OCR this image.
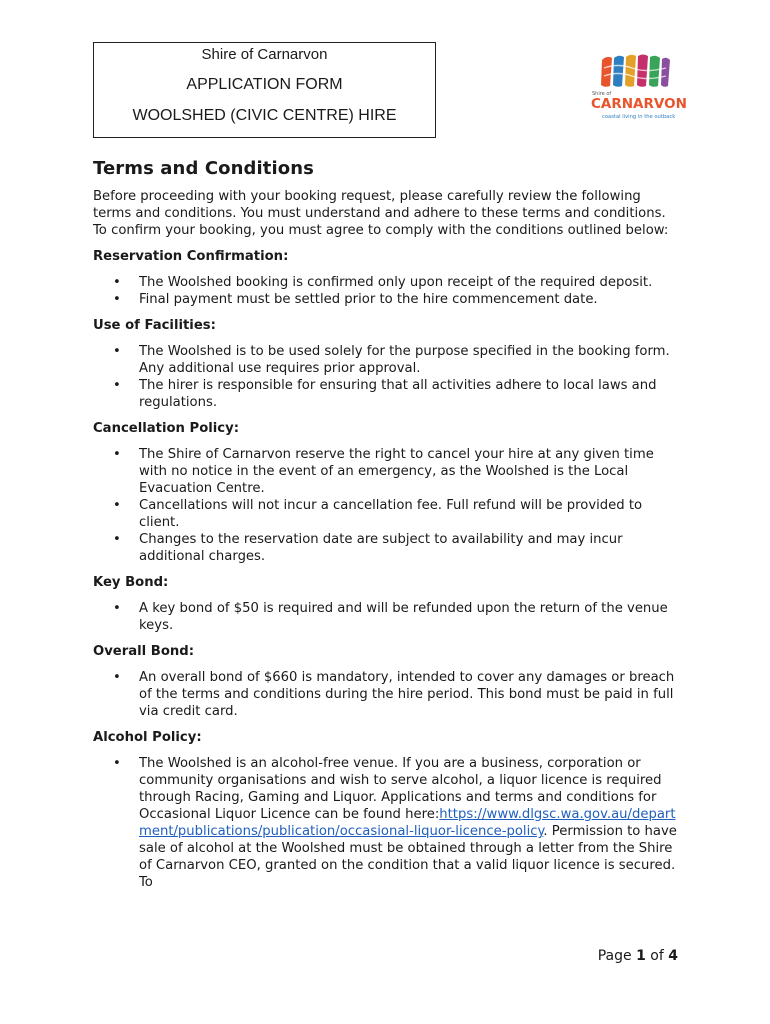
Shire of Carnarvon
APPLICATION FORM
WOOLSHED (CIVIC CENTRE) HIRE
Shire of
CARNARVON
coastal living in the outback
Terms and Conditions
Before proceeding with your booking request, please carefully review the following terms and conditions. You must understand and adhere to these terms and conditions. To confirm your booking, you must agree to comply with the conditions outlined below:
Reservation Confirmation:
• The Woolshed booking is confirmed only upon receipt of the required deposit.
• Final payment must be settled prior to the hire commencement date.
Use of Facilities:
• The Woolshed is to be used solely for the purpose specified in the booking form. Any additional use requires prior approval.
• The hirer is responsible for ensuring that all activities adhere to local laws and regulations.
Cancellation Policy:
• The Shire of Carnarvon reserve the right to cancel your hire at any given time with no notice in the event of an emergency, as the Woolshed is the Local Evacuation Centre.
• Cancellations will not incur a cancellation fee. Full refund will be provided to client.
• Changes to the reservation date are subject to availability and may incur additional charges.
Key Bond:
• A key bond of $50 is required and will be refunded upon the return of the venue keys.
Overall Bond:
• An overall bond of $660 is mandatory, intended to cover any damages or breach of the terms and conditions during the hire period. This bond must be paid in full via credit card.
Alcohol Policy:
• The Woolshed is an alcohol-free venue. If you are a business, corporation or community organisations and wish to serve alcohol, a liquor licence is required through Racing, Gaming and Liquor. Applications and terms and conditions for Occasional Liquor Licence can be found here:https://www.dlgsc.wa.gov.au/department/publications/publication/occasional-liquor-licence-policy. Permission to have sale of alcohol at the Woolshed must be obtained through a letter from the Shire of Carnarvon CEO, granted on the condition that a valid liquor licence is secured. To
Page 1 of 4
